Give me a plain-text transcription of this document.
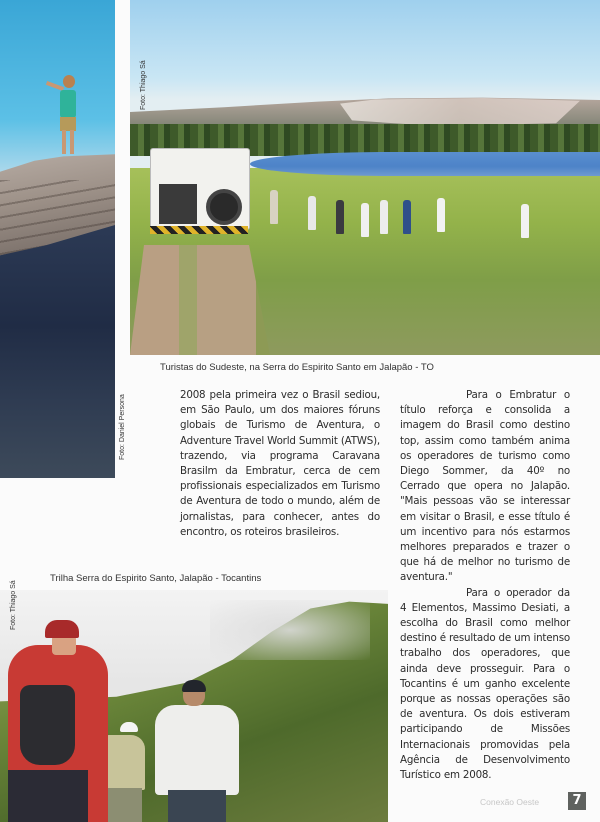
Foto: Thiago Sá
Foto: Daniel Persona
Foto: Thiago Sá
Turistas do Sudeste, na Serra do Espirito Santo em Jalapão - TO
Trilha Serra do Espirito Santo, Jalapão - Tocantins

2008 pela primeira vez o Brasil sediou, em São Paulo, um dos maiores fóruns globais de Turismo de Aventura, o Adventure Travel World Summit (ATWS), trazendo, via programa Caravana Brasilm da Embratur, cerca de cem profissionais especializados em Turismo de Aventura de todo o mundo, além de jornalistas, para conhecer, antes do encontro, os roteiros brasileiros.

Para o Embratur o título reforça e consolida a imagem do Brasil como destino top, assim como também anima os operadores de turismo como Diego Sommer, da 40º no Cerrado que opera no Jalapão. "Mais pessoas vão se interessar em visitar o Brasil, e esse título é um incentivo para nós estarmos melhores preparados e trazer o que há de melhor no turismo de aventura."

Para o operador da 4 Elementos, Massimo Desiati, a escolha do Brasil como melhor destino é resultado de um intenso trabalho dos operadores, que ainda deve prosseguir. Para o Tocantins é um ganho excelente porque as nossas operações são de aventura. Os dois estiveram participando de Missões Internacionais promovidas pela Agência de Desenvolvimento Turístico em 2008.

Conexão Oeste	7
